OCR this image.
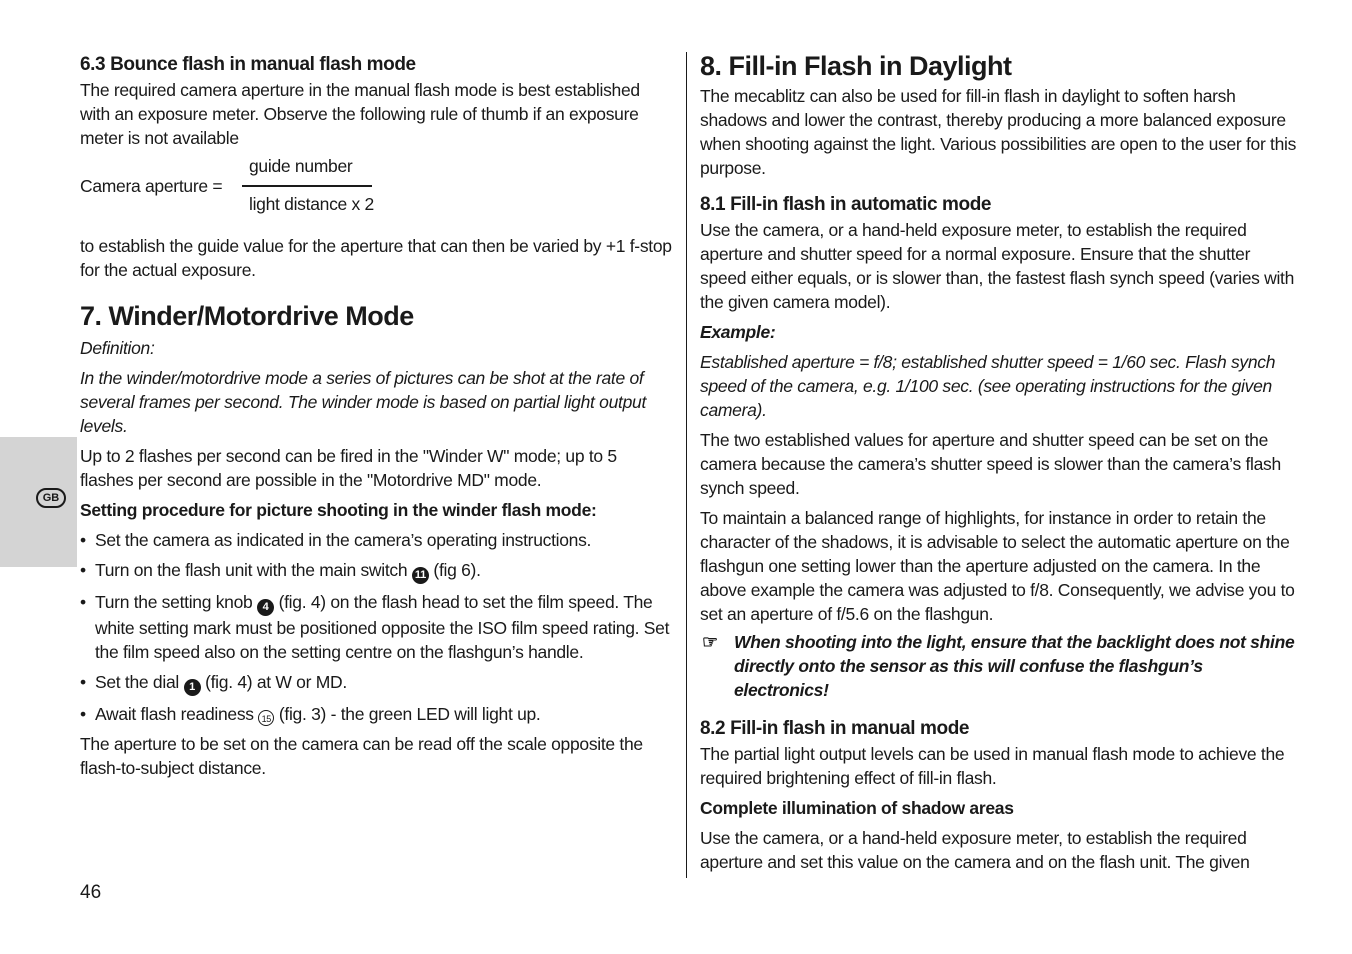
GB
6.3 Bounce flash in manual flash mode

The required camera aperture in the manual flash mode is best established with an exposure meter. Observe the following rule of thumb if an exposure meter is not available

Camera aperture =
guide number
light distance x 2

to establish the guide value for the aperture that can then be varied by +1 f-stop for the actual exposure.

7. Winder/Motordrive Mode

Definition:

In the winder/motordrive mode a series of pictures can be shot at the rate of several frames per second. The winder mode is based on partial light output levels.

Up to 2 flashes per second can be fired in the "Winder W" mode; up to 5 flashes per second are possible in the "Motordrive MD" mode.

Setting procedure for picture shooting in the winder flash mode:

• Set the camera as indicated in the camera’s operating instructions.
• Turn on the flash unit with the main switch 11 (fig 6).
• Turn the setting knob 4 (fig. 4) on the flash head to set the film speed. The white setting mark must be positioned opposite the ISO film speed rating. Set the film speed also on the setting centre on the flashgun’s handle.
• Set the dial 1 (fig. 4) at W or MD.
• Await flash readiness 15 (fig. 3) - the green LED will light up.

The aperture to be set on the camera can be read off the scale opposite the flash-to-subject distance.

8. Fill-in Flash in Daylight

The mecablitz can also be used for fill-in flash in daylight to soften harsh shadows and lower the contrast, thereby producing a more balanced exposure when shooting against the light. Various possibilities are open to the user for this purpose.

8.1 Fill-in flash in automatic mode

Use the camera, or a hand-held exposure meter, to establish the required aperture and shutter speed for a normal exposure. Ensure that the shutter speed either equals, or is slower than, the fastest flash synch speed (varies with the given camera model).

Example:

Established aperture = f/8; established shutter speed = 1/60 sec. Flash synch speed of the camera, e.g. 1/100 sec. (see operating instructions for the given camera).

The two established values for aperture and shutter speed can be set on the camera because the camera’s shutter speed is slower than the camera’s flash synch speed.

To maintain a balanced range of highlights, for instance in order to retain the character of the shadows, it is advisable to select the automatic aperture on the flashgun one setting lower than the aperture adjusted on the camera. In the above example the camera was adjusted to f/8. Consequently, we advise you to set an aperture of f/5.6 on the flashgun.

☞ When shooting into the light, ensure that the backlight does not shine directly onto the sensor as this will confuse the flashgun’s electronics!
8.2 Fill-in flash in manual mode

The partial light output levels can be used in manual flash mode to achieve the required brightening effect of fill-in flash.

Complete illumination of shadow areas

Use the camera, or a hand-held exposure meter, to establish the required aperture and set this value on the camera and on the flash unit. The given

46
